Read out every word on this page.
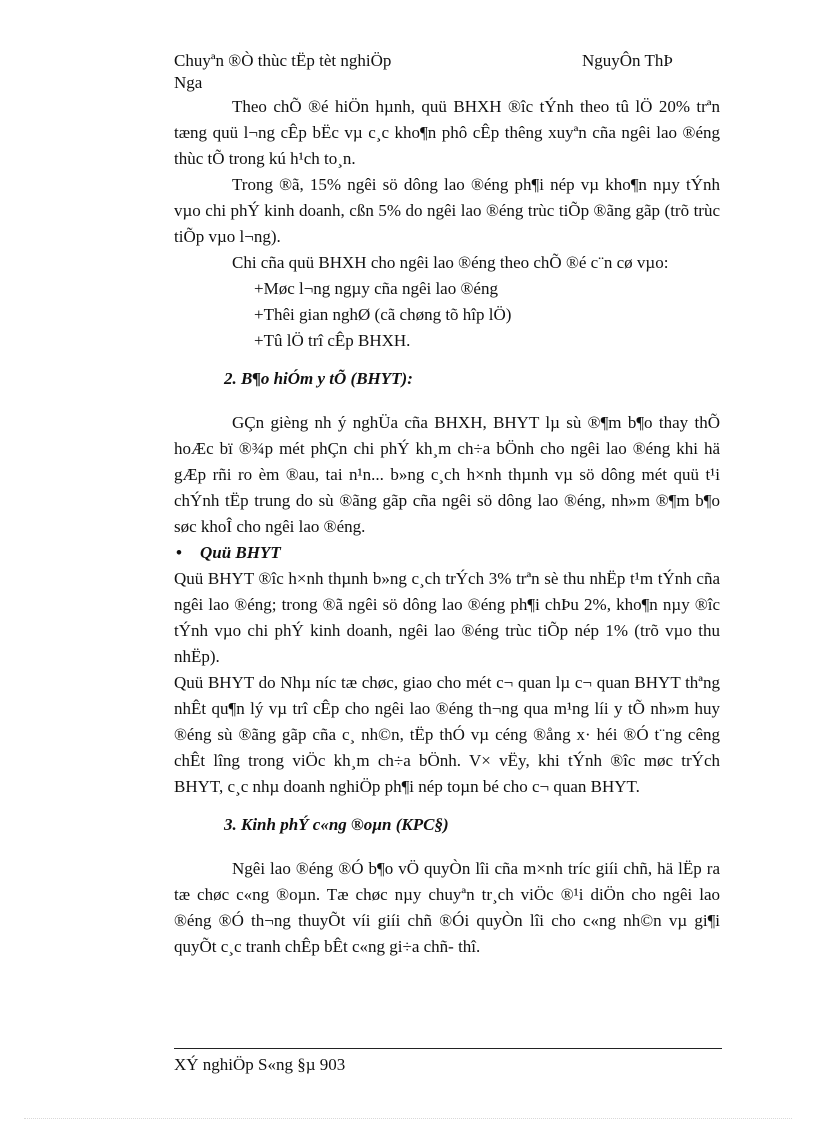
Chuyªn ®Ò thùc tËp tèt nghiÖp	NguyÔn ThÞ
Nga

Theo chÕ ®é hiÖn hµnh, quü BHXH ®îc tÝnh theo tû lÖ 20% trªn tæng quü l¬ng cÊp bËc vµ c¸c kho¶n phô cÊp thêng xuyªn cña ngêi lao ®éng thùc tÕ trong kú h¹ch to¸n.

Trong ®ã, 15% ngêi sö dông lao ®éng ph¶i nép vµ kho¶n nµy tÝnh vµo chi phÝ kinh doanh, cßn 5% do ngêi lao ®éng trùc tiÕp ®ãng gãp (trõ trùc tiÕp vµo l¬ng).

Chi cña quü BHXH cho ngêi lao ®éng theo chÕ ®é c¨n cø vµo:

+Møc l¬ng ngµy cña ngêi lao ®éng

+Thêi gian nghØ (cã chøng tõ hîp lÖ)

+Tû lÖ trî cÊp BHXH.

2. B¶o hiÓm y tÕ (BHYT):

GÇn gièng nh ý nghÜa cña BHXH, BHYT lµ sù ®¶m b¶o thay thÕ hoÆc bï ®¾p mét phÇn chi phÝ kh¸m ch÷a bÖnh cho ngêi lao ®éng khi hä gÆp rñi ro èm ®au, tai n¹n... b»ng c¸ch h×nh thµnh vµ sö dông mét quü t¹i chÝnh tËp trung do sù ®ãng gãp cña ngêi sö dông lao ®éng, nh»m ®¶m b¶o søc khoÎ cho ngêi lao ®éng.

• Quü BHYT

Quü BHYT ®îc h×nh thµnh b»ng c¸ch trÝch 3% trªn sè thu nhËp t¹m tÝnh cña ngêi lao ®éng; trong ®ã ngêi sö dông lao ®éng ph¶i chÞu 2%, kho¶n nµy ®îc tÝnh vµo chi phÝ kinh doanh, ngêi lao ®éng trùc tiÕp nép 1% (trõ vµo thu nhËp).

Quü BHYT do Nhµ níc tæ chøc, giao cho mét c¬ quan lµ c¬ quan BHYT thªng nhÊt qu¶n lý vµ trî cÊp cho ngêi lao ®éng th¬ng qua m¹ng líi y tÕ nh»m huy ®éng sù ®ãng gãp cña c¸ nh©n, tËp thÓ vµ céng ®ång x· héi ®Ó t¨ng cêng chÊt lîng trong viÖc kh¸m ch÷a bÖnh. V× vËy, khi tÝnh ®îc møc trÝch BHYT, c¸c nhµ doanh nghiÖp ph¶i nép toµn bé cho c¬ quan BHYT.

3. Kinh phÝ c«ng ®oµn (KPC§)

Ngêi lao ®éng ®Ó b¶o vÖ quyÒn lîi cña m×nh tríc giíi chñ, hä lËp ra tæ chøc c«ng ®oµn. Tæ chøc nµy chuyªn tr¸ch viÖc ®¹i diÖn cho ngêi lao ®éng ®Ó th¬ng thuyÕt víi giíi chñ ®Ói quyÒn lîi cho c«ng nh©n vµ gi¶i quyÕt c¸c tranh chÊp bÊt c«ng gi÷a chñ- thî.

XÝ nghiÖp S«ng §µ 903
